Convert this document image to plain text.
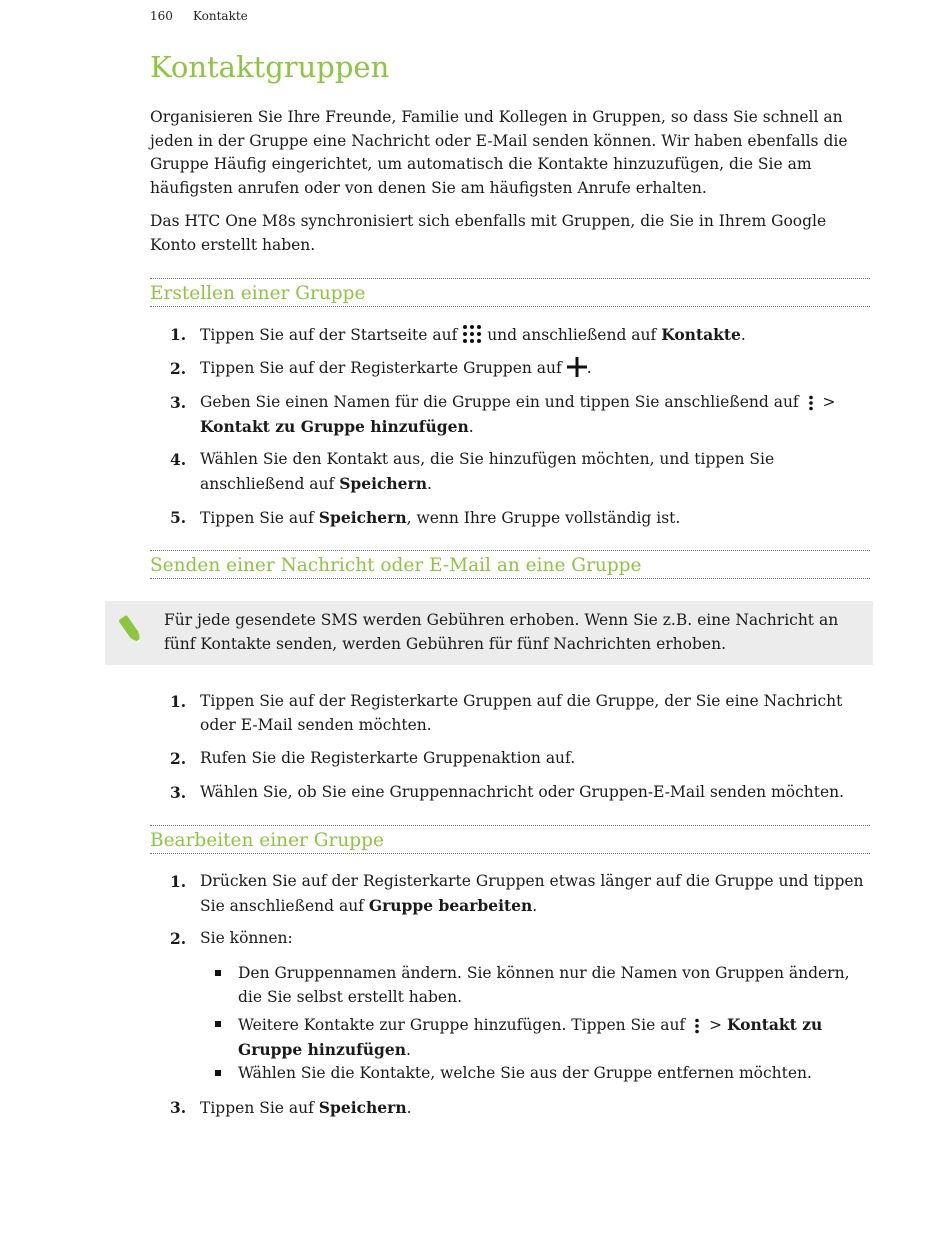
160 Kontakte
Kontaktgruppen

Organisieren Sie Ihre Freunde, Familie und Kollegen in Gruppen, so dass Sie schnell an jeden in der Gruppe eine Nachricht oder E-Mail senden können. Wir haben ebenfalls die Gruppe Häufig eingerichtet, um automatisch die Kontakte hinzuzufügen, die Sie am häufigsten anrufen oder von denen Sie am häufigsten Anrufe erhalten.

Das HTC One M8s synchronisiert sich ebenfalls mit Gruppen, die Sie in Ihrem Google Konto erstellt haben.

Erstellen einer Gruppe
1. Tippen Sie auf der Startseite auf und anschließend auf Kontakte.
2. Tippen Sie auf der Registerkarte Gruppen auf .
3. Geben Sie einen Namen für die Gruppe ein und tippen Sie anschließend auf > Kontakt zu Gruppe hinzufügen.
4. Wählen Sie den Kontakt aus, die Sie hinzufügen möchten, und tippen Sie anschließend auf Speichern.
5. Tippen Sie auf Speichern, wenn Ihre Gruppe vollständig ist.
Senden einer Nachricht oder E-Mail an eine Gruppe
Für jede gesendete SMS werden Gebühren erhoben. Wenn Sie z.B. eine Nachricht an fünf Kontakte senden, werden Gebühren für fünf Nachrichten erhoben.
1. Tippen Sie auf der Registerkarte Gruppen auf die Gruppe, der Sie eine Nachricht oder E-Mail senden möchten.
2. Rufen Sie die Registerkarte Gruppenaktion auf.
3. Wählen Sie, ob Sie eine Gruppennachricht oder Gruppen-E-Mail senden möchten.
Bearbeiten einer Gruppe
1. Drücken Sie auf der Registerkarte Gruppen etwas länger auf die Gruppe und tippen Sie anschließend auf Gruppe bearbeiten.
2. Sie können:
Den Gruppennamen ändern. Sie können nur die Namen von Gruppen ändern, die Sie selbst erstellt haben.
Weitere Kontakte zur Gruppe hinzufügen. Tippen Sie auf > Kontakt zu Gruppe hinzufügen.
Wählen Sie die Kontakte, welche Sie aus der Gruppe entfernen möchten.
3. Tippen Sie auf Speichern.
